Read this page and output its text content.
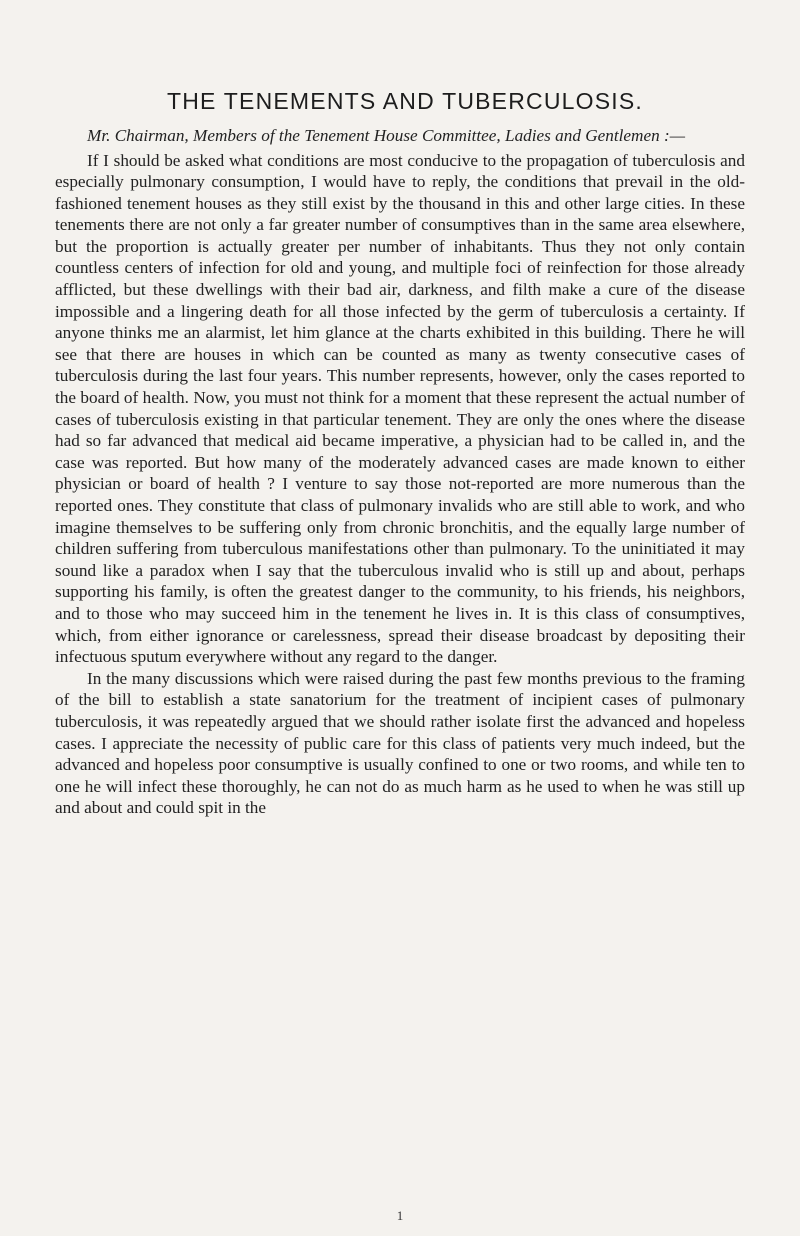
THE TENEMENTS AND TUBERCULOSIS.

Mr. Chairman, Members of the Tenement House Committee, Ladies and Gentlemen :—

If I should be asked what conditions are most conducive to the propagation of tuberculosis and especially pulmonary consumption, I would have to reply, the conditions that prevail in the old-fashioned tenement houses as they still exist by the thousand in this and other large cities. In these tenements there are not only a far greater number of consumptives than in the same area elsewhere, but the proportion is actually greater per number of inhabitants. Thus they not only contain countless centers of infection for old and young, and multiple foci of reinfection for those already afflicted, but these dwellings with their bad air, darkness, and filth make a cure of the disease impossible and a lingering death for all those infected by the germ of tuberculosis a certainty. If anyone thinks me an alarmist, let him glance at the charts exhibited in this building. There he will see that there are houses in which can be counted as many as twenty consecutive cases of tuberculosis during the last four years. This number represents, however, only the cases reported to the board of health. Now, you must not think for a moment that these represent the actual number of cases of tuberculosis existing in that particular tenement. They are only the ones where the disease had so far advanced that medical aid became imperative, a physician had to be called in, and the case was reported. But how many of the moderately advanced cases are made known to either physician or board of health ? I venture to say those not-reported are more numerous than the reported ones. They constitute that class of pulmonary invalids who are still able to work, and who imagine themselves to be suffering only from chronic bronchitis, and the equally large number of children suffering from tuberculous manifestations other than pulmonary. To the uninitiated it may sound like a paradox when I say that the tuberculous invalid who is still up and about, perhaps supporting his family, is often the greatest danger to the community, to his friends, his neighbors, and to those who may succeed him in the tenement he lives in. It is this class of consumptives, which, from either ignorance or carelessness, spread their disease broadcast by depositing their infectuous sputum everywhere without any regard to the danger.

In the many discussions which were raised during the past few months previous to the framing of the bill to establish a state sanatorium for the treatment of incipient cases of pulmonary tuberculosis, it was repeatedly argued that we should rather isolate first the advanced and hopeless cases. I appreciate the necessity of public care for this class of patients very much indeed, but the advanced and hopeless poor consumptive is usually confined to one or two rooms, and while ten to one he will infect these thoroughly, he can not do as much harm as he used to when he was still up and about and could spit in the

1
